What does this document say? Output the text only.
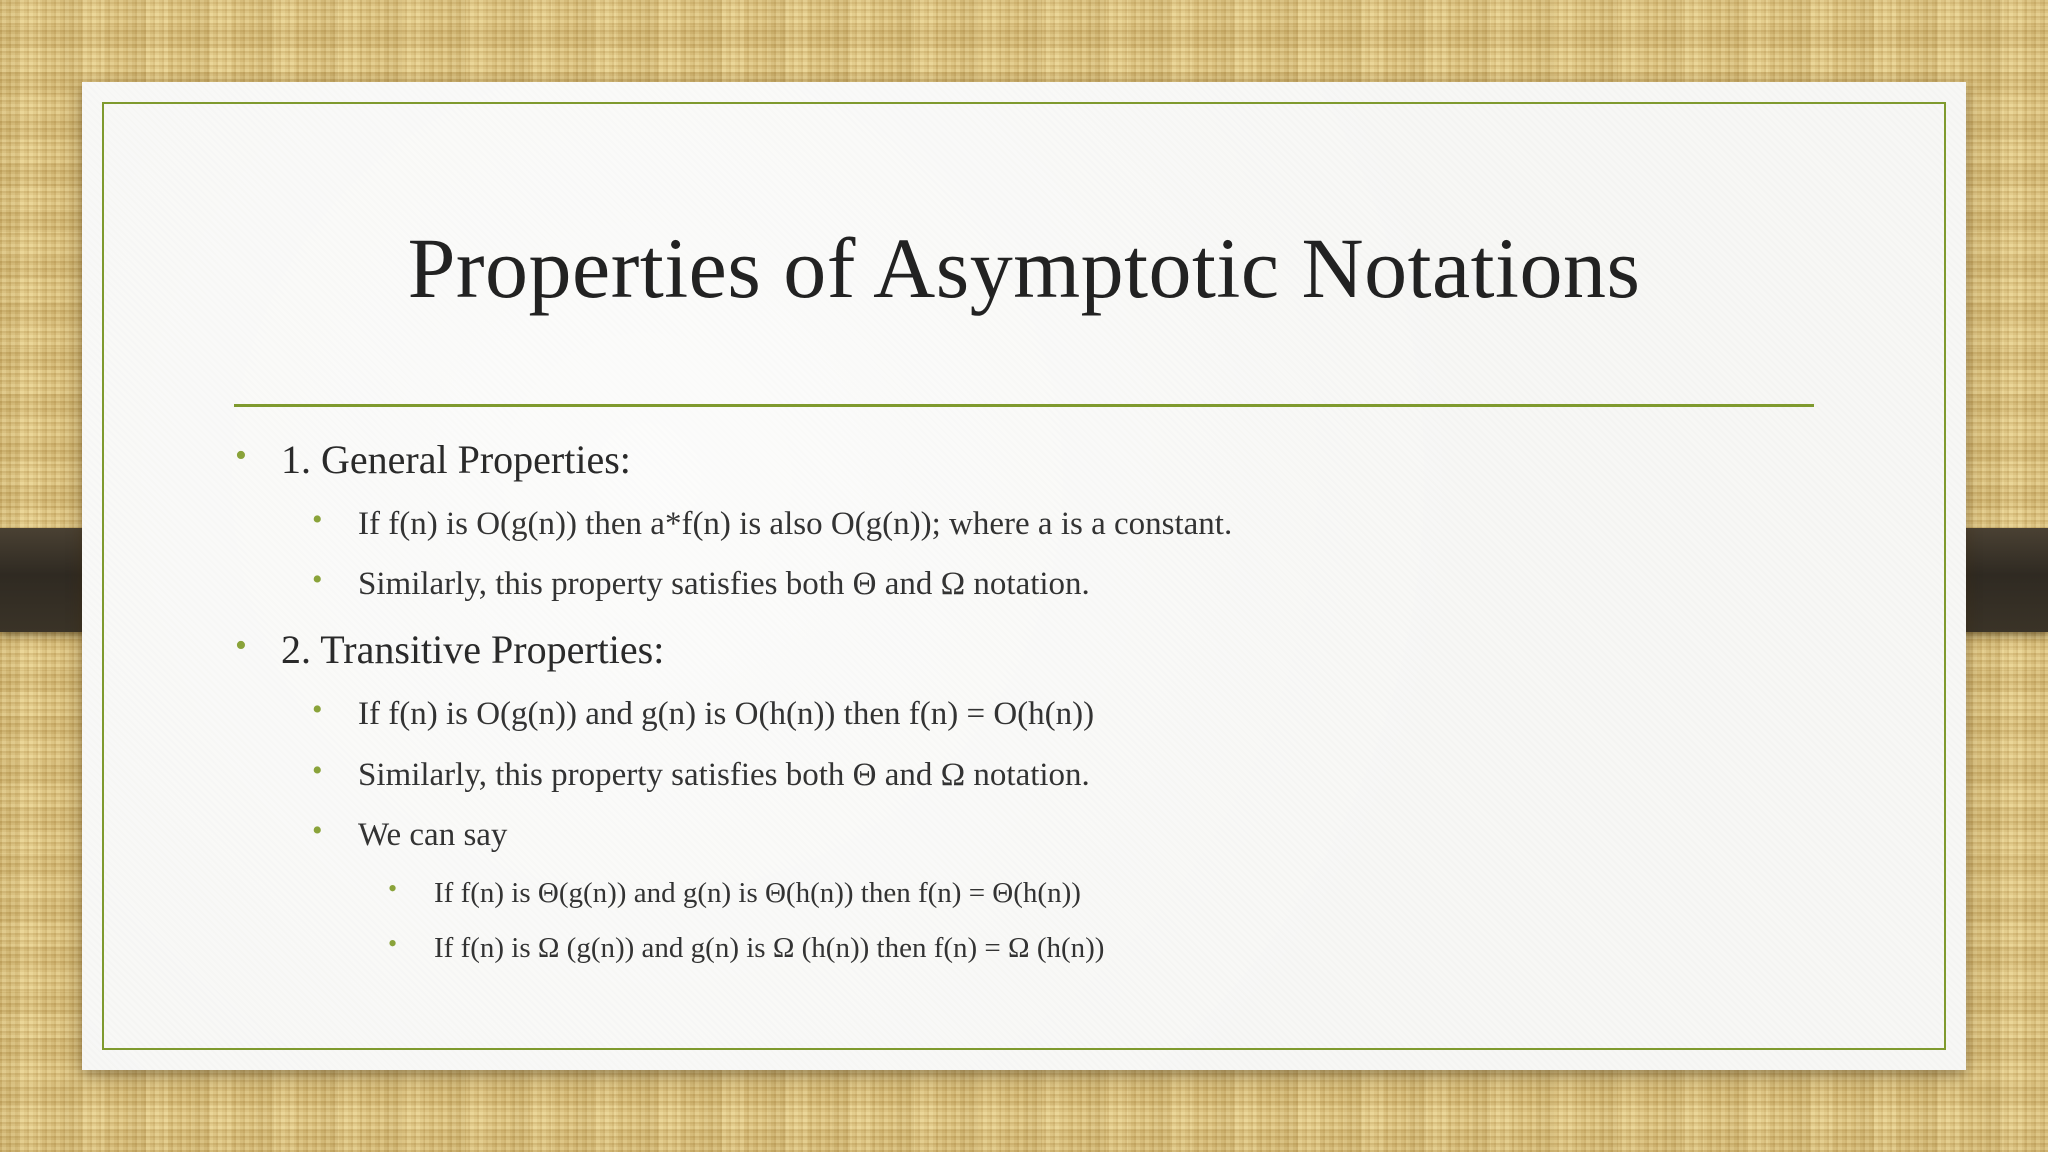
Properties of Asymptotic Notations
• 1. General Properties:
• If f(n) is O(g(n)) then a*f(n) is also O(g(n)); where a is a constant.
• Similarly, this property satisfies both Θ and Ω notation.
• 2. Transitive Properties:
• If f(n) is O(g(n)) and g(n) is O(h(n)) then f(n) = O(h(n))
• Similarly, this property satisfies both Θ and Ω notation.
• We can say
• If f(n) is Θ(g(n)) and g(n) is Θ(h(n)) then f(n) = Θ(h(n))
• If f(n) is Ω (g(n)) and g(n) is Ω (h(n)) then f(n) = Ω (h(n))
